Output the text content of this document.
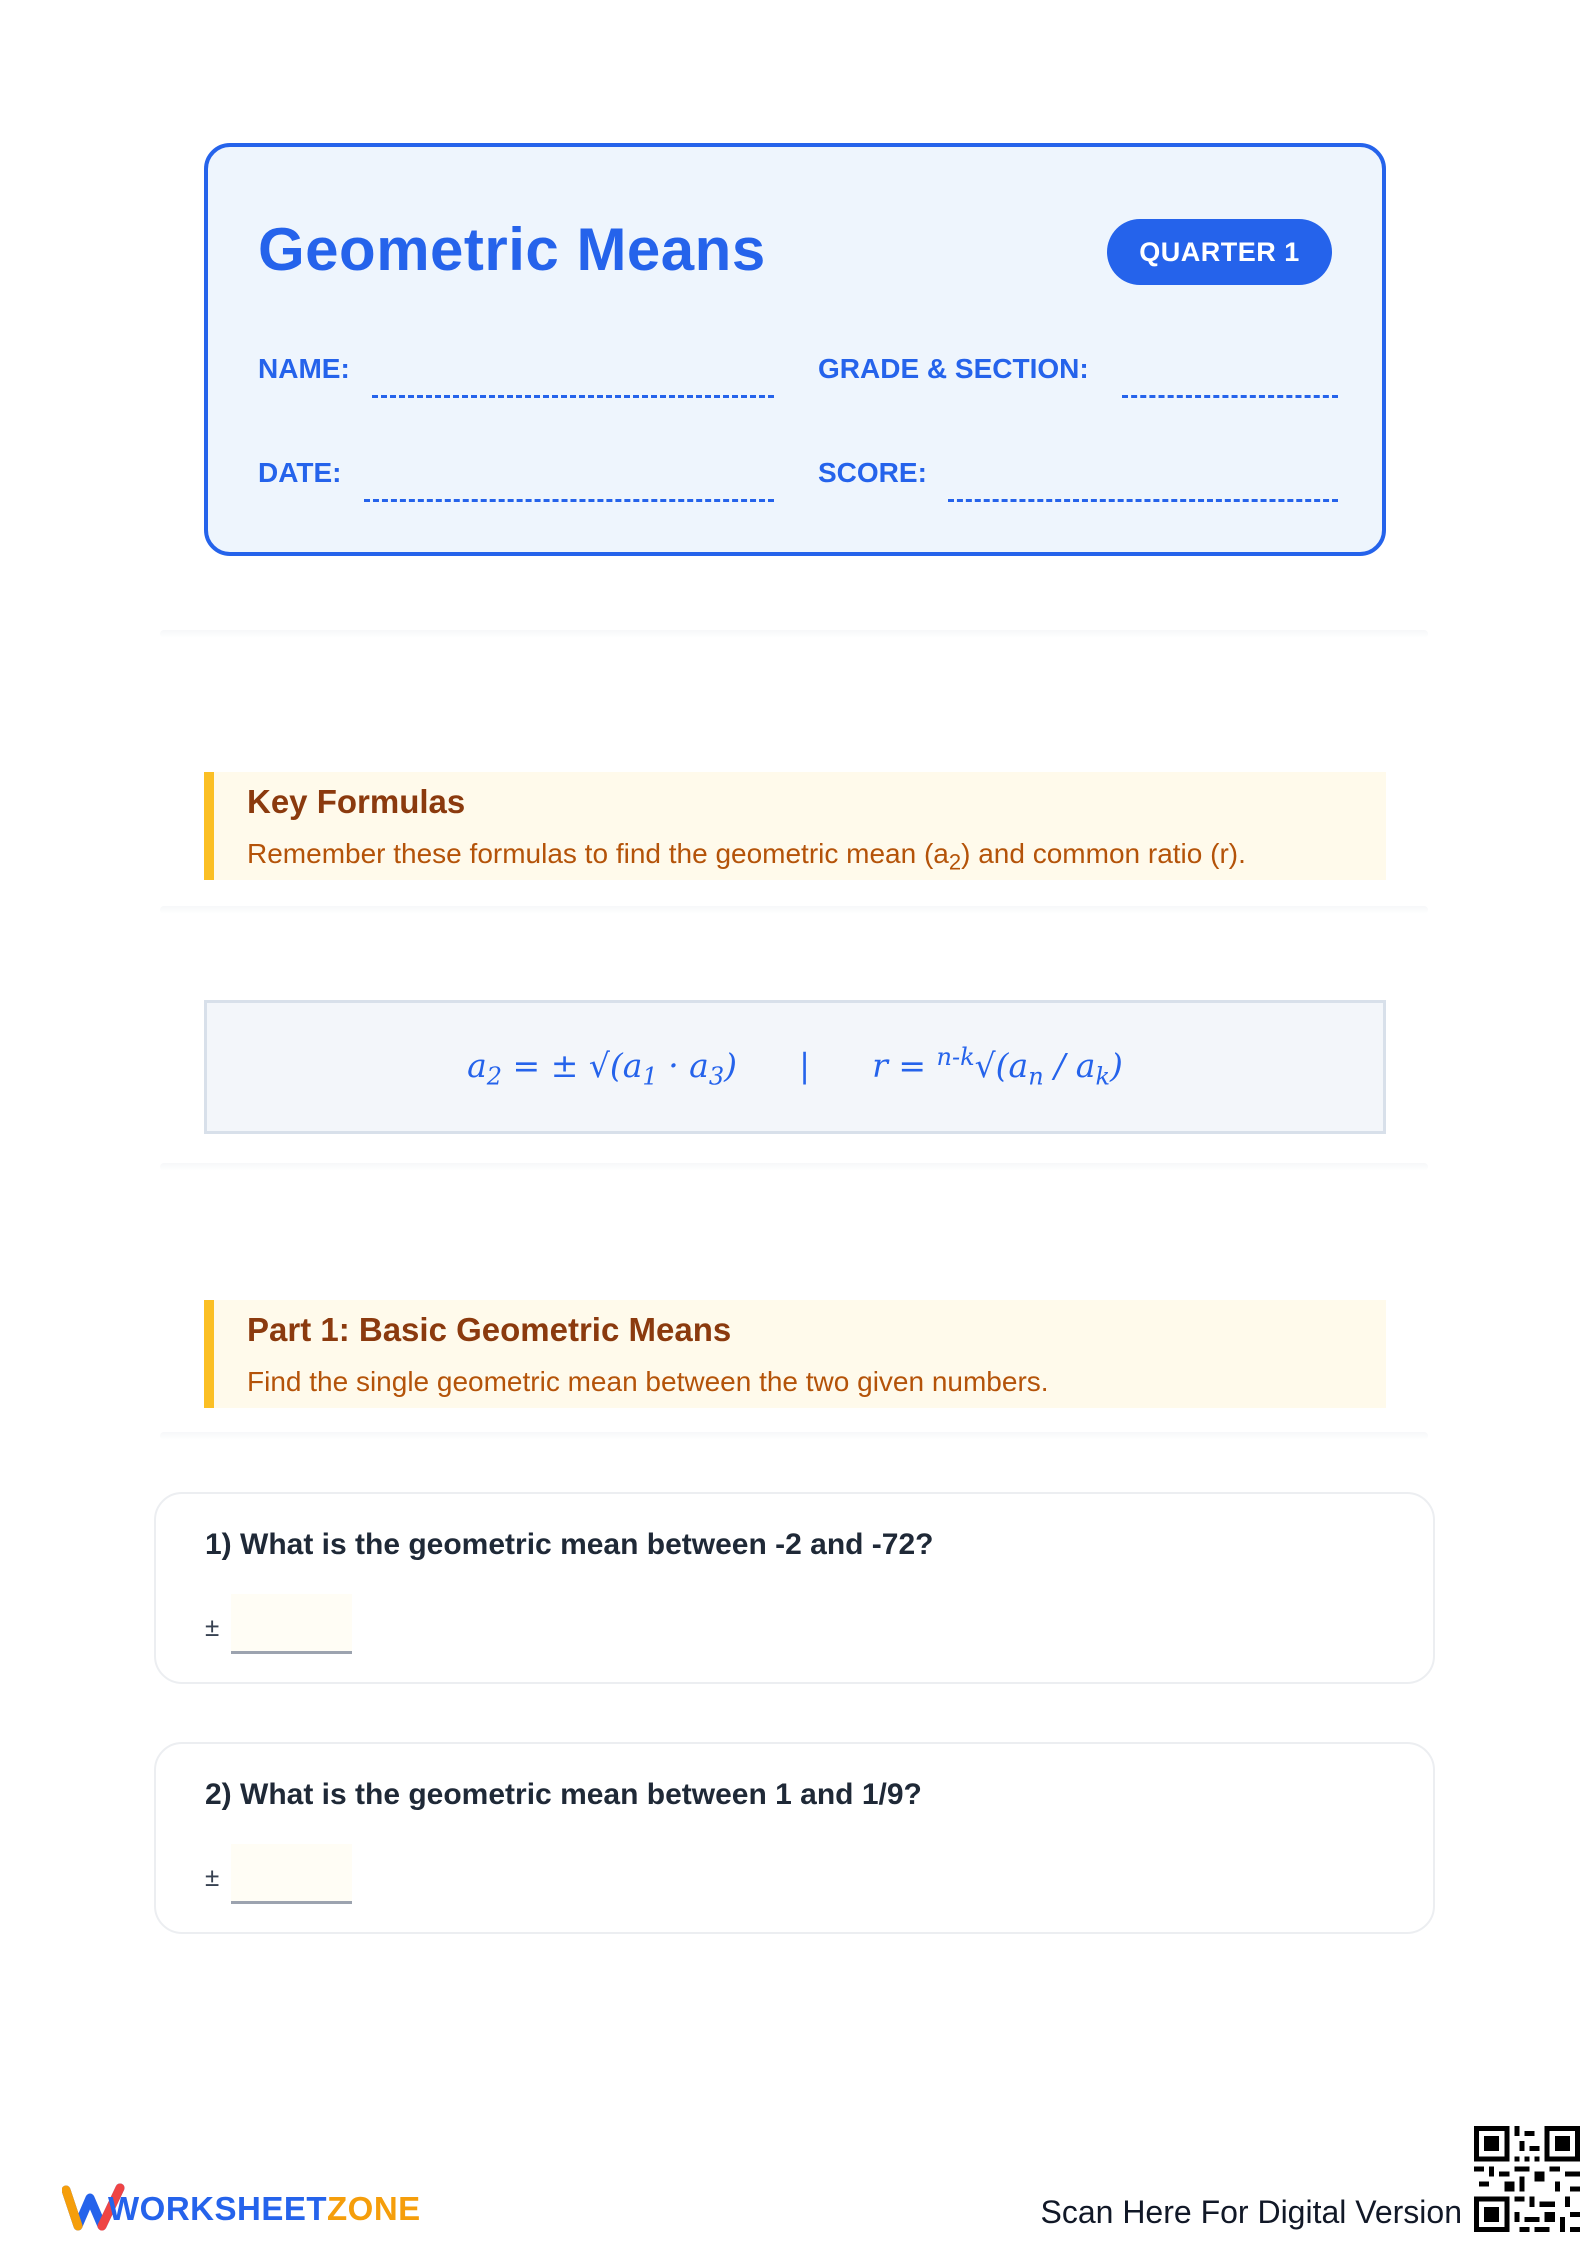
Geometric Means	QUARTER 1
NAME:	GRADE & SECTION:
DATE:	SCORE:
Key Formulas
Remember these formulas to find the geometric mean $(a_2)$ and common ratio (r).
$a_2$ = ± $√(a_1 \cdot a_3)$ | $r = ^{n-k}√(a_n / a_k)$
Part 1: Basic Geometric Means
Find the single geometric mean between the two given numbers.
1) What is the geometric mean between -2 and -72?
±
2) What is the geometric mean between 1 and 1/9?
±
WORKSHEETZONE	Scan Here For Digital Version
